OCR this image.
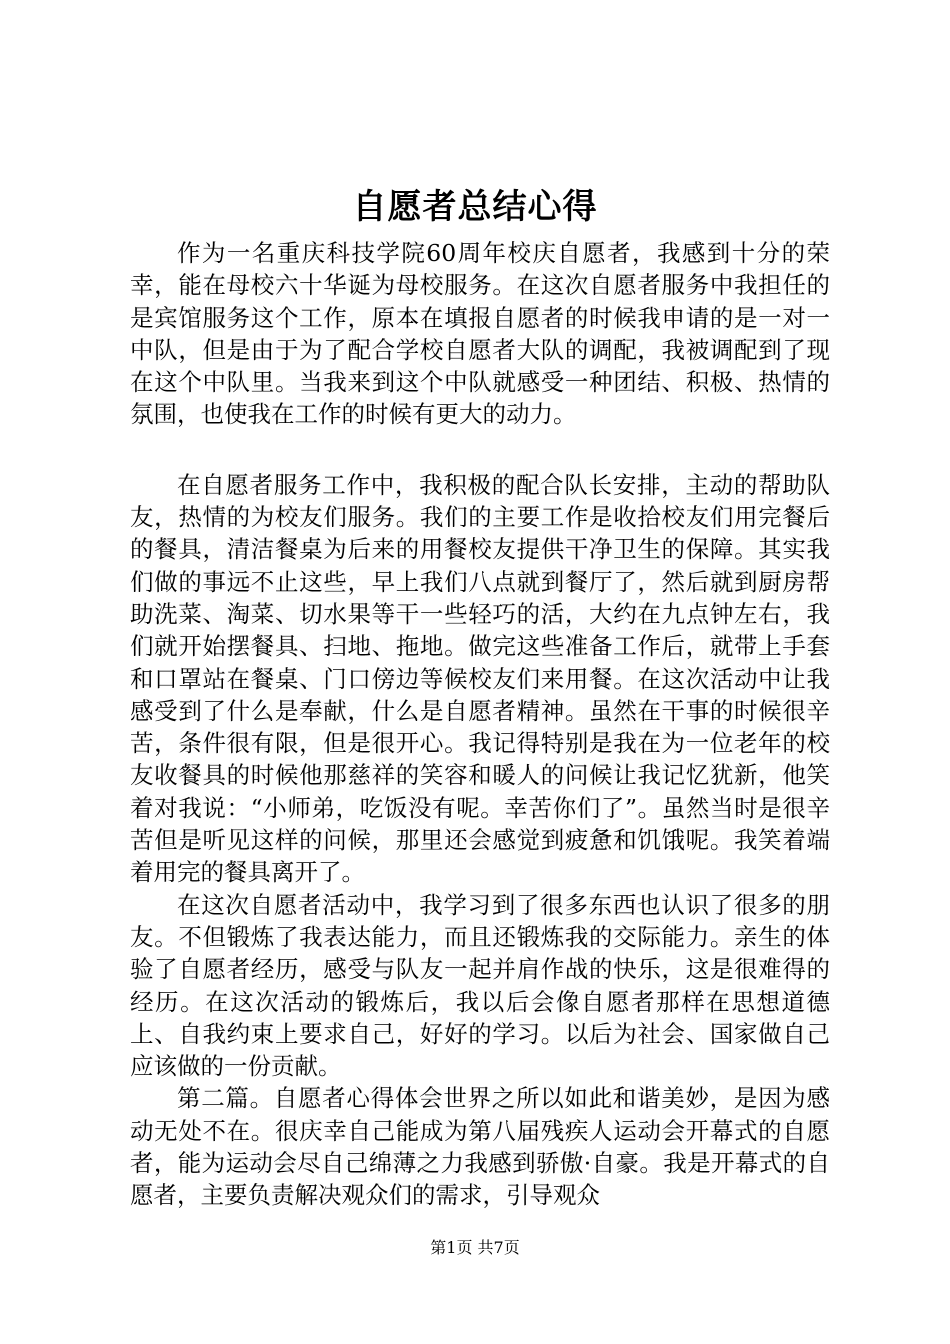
自愿者总结心得

作为一名重庆科技学院60周年校庆自愿者，我感到十分的荣幸，能在母校六十华诞为母校服务。在这次自愿者服务中我担任的是宾馆服务这个工作，原本在填报自愿者的时候我申请的是一对一中队，但是由于为了配合学校自愿者大队的调配，我被调配到了现在这个中队里。当我来到这个中队就感受一种团结、积极、热情的氛围，也使我在工作的时候有更大的动力。

在自愿者服务工作中，我积极的配合队长安排，主动的帮助队友，热情的为校友们服务。我们的主要工作是收拾校友们用完餐后的餐具，清洁餐桌为后来的用餐校友提供干净卫生的保障。其实我们做的事远不止这些，早上我们八点就到餐厅了，然后就到厨房帮助洗菜、淘菜、切水果等干一些轻巧的活，大约在九点钟左右，我们就开始摆餐具、扫地、拖地。做完这些准备工作后，就带上手套和口罩站在餐桌、门口傍边等候校友们来用餐。在这次活动中让我感受到了什么是奉献，什么是自愿者精神。虽然在干事的时候很辛苦，条件很有限，但是很开心。我记得特别是我在为一位老年的校友收餐具的时候他那慈祥的笑容和暖人的问候让我记忆犹新，他笑着对我说：“小师弟，吃饭没有呢。幸苦你们了”。虽然当时是很辛苦但是听见这样的问候，那里还会感觉到疲惫和饥饿呢。我笑着端着用完的餐具离开了。

在这次自愿者活动中，我学习到了很多东西也认识了很多的朋友。不但锻炼了我表达能力，而且还锻炼我的交际能力。亲生的体验了自愿者经历，感受与队友一起并肩作战的快乐，这是很难得的经历。在这次活动的锻炼后，我以后会像自愿者那样在思想道德上、自我约束上要求自己，好好的学习。以后为社会、国家做自己应该做的一份贡献。

第二篇。自愿者心得体会世界之所以如此和谐美妙，是因为感动无处不在。很庆幸自己能成为第八届残疾人运动会开幕式的自愿者，能为运动会尽自己绵薄之力我感到骄傲·自豪。我是开幕式的自愿者，主要负责解决观众们的需求，引导观众

第1页 共7页
